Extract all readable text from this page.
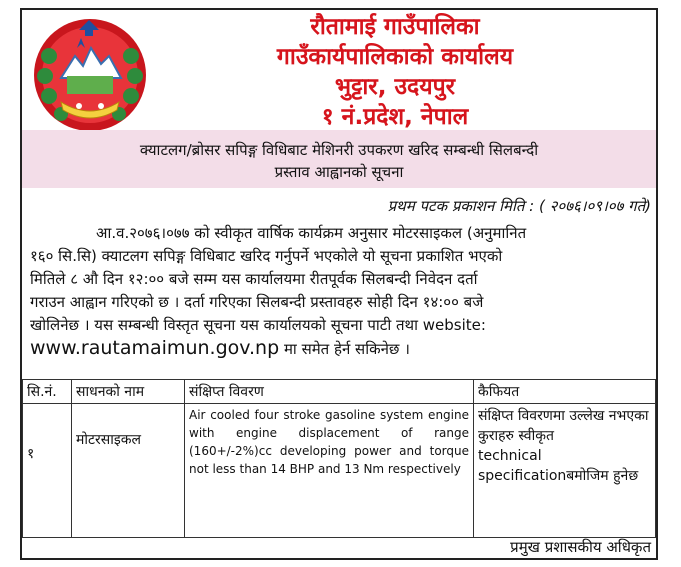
रौतामाई गाउँपालिका
गाउँकार्यपालिकाको कार्यालय
भुट्टार, उदयपुर
१ नं.प्रदेश, नेपाल
क्याटलग/ब्रोसर सपिङ्ग विधिबाट मेशिनरी उपकरण खरिद सम्बन्धी सिलबन्दी
प्रस्ताव आह्वानको सूचना
प्रथम पटक प्रकाशन मिति : ( २०७६।०९।०७ गते)
आ.व.२०७६।०७७ को स्वीकृत वार्षिक कार्यक्रम अनुसार मोटरसाइकल (अनुमानित
१६० सि.सि) क्याटलग सपिङ्ग विधिबाट खरिद गर्नुपर्ने भएकोले यो सूचना प्रकाशित भएको
मितिले ८ औ दिन १२:०० बजे सम्म यस कार्यालयमा रीतपूर्वक सिलबन्दी निवेदन दर्ता
गराउन आह्वान गरिएको छ । दर्ता गरिएका सिलबन्दी प्रस्तावहरु सोही दिन १४:०० बजे
खोलिनेछ । यस सम्बन्धी विस्तृत सूचना यस कार्यालयको सूचना पाटी तथा website:
www.rautamaimun.gov.np मा समेत हेर्न सकिनेछ ।
सि.नं.	साधनको नाम	संक्षिप्त विवरण	कैफियत
१	मोटरसाइकल	Air cooled four stroke gasoline system engine with engine displacement of range (160+/-2%)cc developing power and torque not less than 14 BHP and 13 Nm respectively	संक्षिप्त विवरणमा उल्लेख नभएका कुराहरु स्वीकृत
technical
specificationबमोजिम हुनेछ
प्रमुख प्रशासकीय अधिकृत
